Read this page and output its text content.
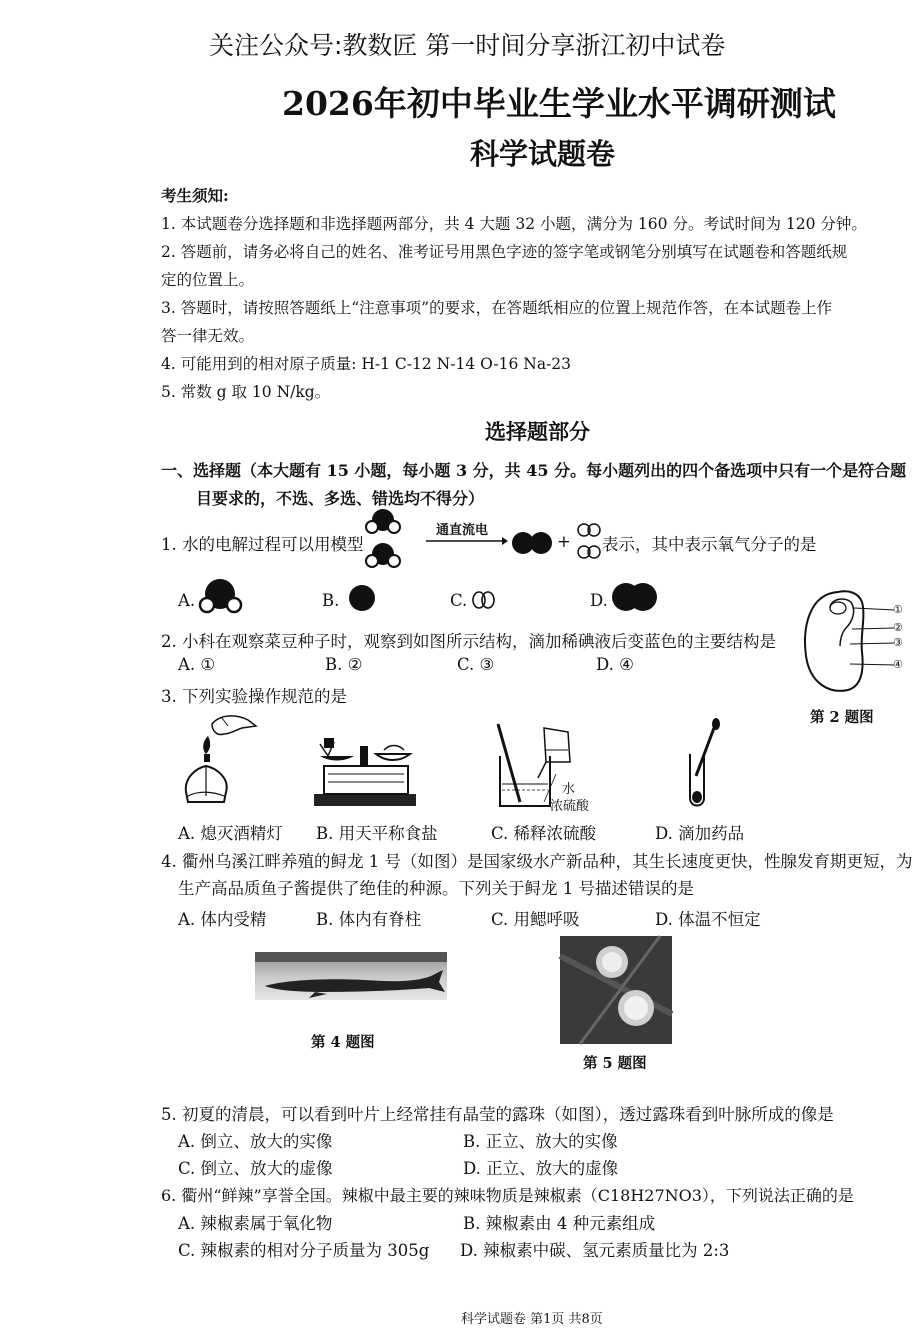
关注公众号:教数匠 第一时间分享浙江初中试卷
2026年初中毕业生学业水平调研测试
科学试题卷
考生须知:
1. 本试题卷分选择题和非选择题两部分，共 4 大题 32 小题，满分为 160 分。考试时间为 120 分钟。
2. 答题前，请务必将自己的姓名、准考证号用黑色字迹的签字笔或钢笔分别填写在试题卷和答题纸规
定的位置上。
3. 答题时，请按照答题纸上“注意事项”的要求，在答题纸相应的位置上规范作答，在本试题卷上作
答一律无效。
4. 可能用到的相对原子质量: H-1 C-12 N-14 O-16 Na-23
5. 常数 g 取 10 N/kg。
选择题部分
一、选择题（本大题有 15 小题，每小题 3 分，共 45 分。每小题列出的四个备选项中只有一个是符合题
目要求的，不选、多选、错选均不得分）
1. 水的电解过程可以用模型
通直流电
+ 表示，其中表示氧气分子的是
A.	B.	C.	D.	①
②
③
④
第 2 题图
2. 小科在观察菜豆种子时，观察到如图所示结构，滴加稀碘液后变蓝色的主要结构是
A. ①	B. ②	C. ③	D. ④
3. 下列实验操作规范的是
水
浓硫酸
A. 熄灭酒精灯 B. 用天平称食盐	C. 稀释浓硫酸	D. 滴加药品
4. 衢州乌溪江畔养殖的鲟龙 1 号（如图）是国家级水产新品种，其生长速度更快，性腺发育期更短，为
生产高品质鱼子酱提供了绝佳的种源。下列关于鲟龙 1 号描述错误的是
A. 体内受精	B. 体内有脊柱	C. 用鳃呼吸	D. 体温不恒定
第 4 题图
第 5 题图
5. 初夏的清晨，可以看到叶片上经常挂有晶莹的露珠（如图），透过露珠看到叶脉所成的像是
A. 倒立、放大的实像	B. 正立、放大的实像
C. 倒立、放大的虚像	D. 正立、放大的虚像
6. 衢州“鲜辣”享誉全国。辣椒中最主要的辣味物质是辣椒素（C18H27NO3），下列说法正确的是
A. 辣椒素属于氧化物	B. 辣椒素由 4 种元素组成
C. 辣椒素的相对分子质量为 305g D. 辣椒素中碳、氢元素质量比为 2:3
科学试题卷 第1页 共8页
